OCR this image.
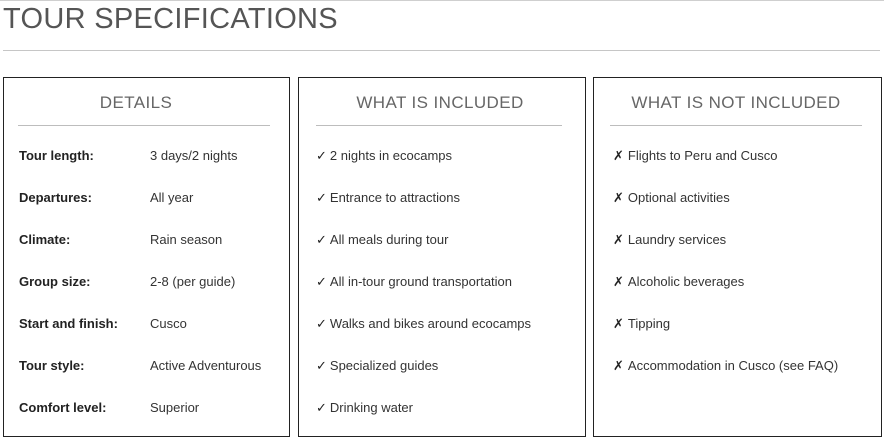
TOUR SPECIFICATIONS
DETAILS
Tour length:	3 days/2 nights
Departures:	All year
Climate:	Rain season
Group size:	2-8 (per guide)
Start and finish: Cusco
Tour style:	Active Adventurous
Comfort level:	Superior
WHAT IS INCLUDED
✓ 2 nights in ecocamps
✓ Entrance to attractions
✓ All meals during tour
✓ All in-tour ground transportation
✓ Walks and bikes around ecocamps
✓ Specialized guides
✓ Drinking water
WHAT IS NOT INCLUDED
✗ Flights to Peru and Cusco
✗ Optional activities
✗ Laundry services
✗ Alcoholic beverages
✗ Tipping
✗ Accommodation in Cusco (see FAQ)
